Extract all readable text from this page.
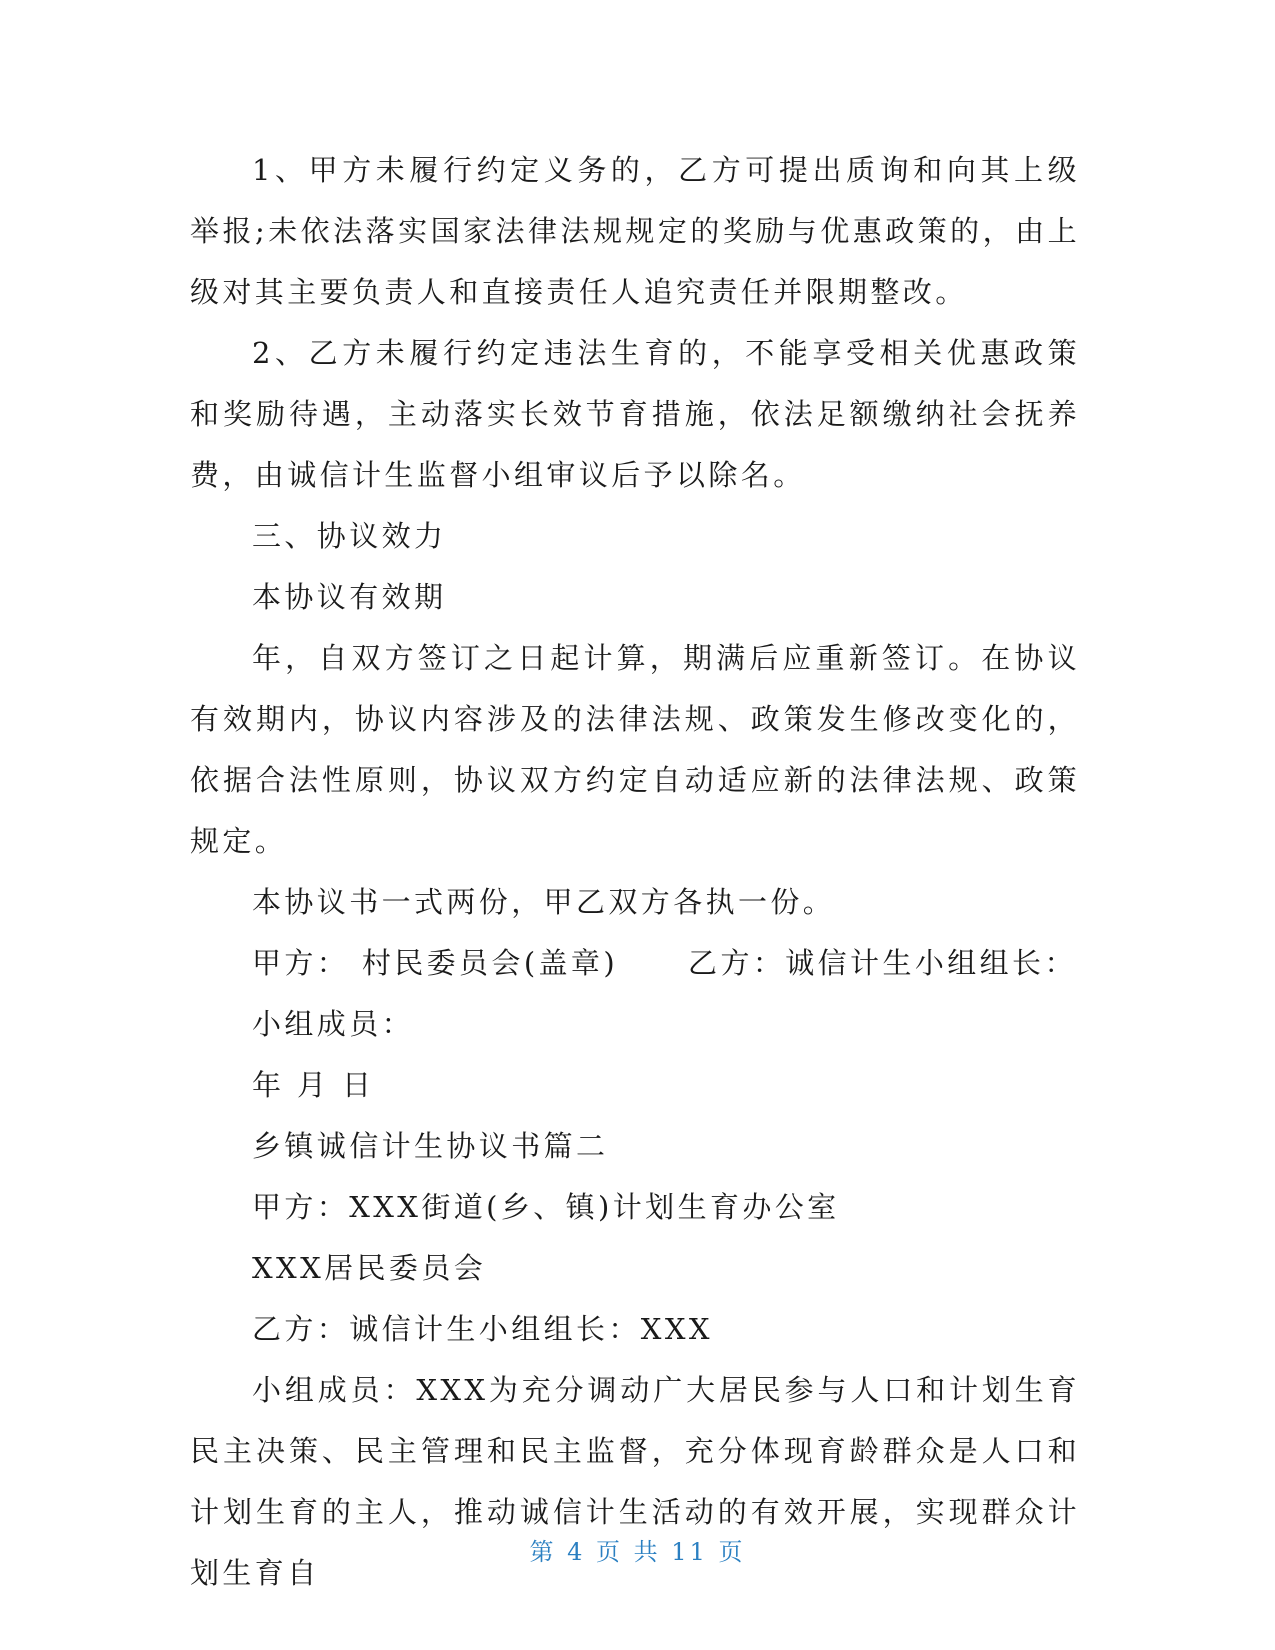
1、甲方未履行约定义务的，乙方可提出质询和向其上级举报;未依法落实国家法律法规规定的奖励与优惠政策的，由上级对其主要负责人和直接责任人追究责任并限期整改。

2、乙方未履行约定违法生育的，不能享受相关优惠政策和奖励待遇，主动落实长效节育措施，依法足额缴纳社会抚养费，由诚信计生监督小组审议后予以除名。

三、协议效力

本协议有效期

年，自双方签订之日起计算，期满后应重新签订。在协议有效期内，协议内容涉及的法律法规、政策发生修改变化的，依据合法性原则，协议双方约定自动适应新的法律法规、政策规定。

本协议书一式两份，甲乙双方各执一份。

甲方： 村民委员会(盖章) 乙方：诚信计生小组组长：

小组成员：

年 月 日

乡镇诚信计生协议书篇二

甲方：XXX街道(乡、镇)计划生育办公室

XXX居民委员会

乙方：诚信计生小组组长：XXX

小组成员：XXX为充分调动广大居民参与人口和计划生育民主决策、民主管理和民主监督，充分体现育龄群众是人口和计划生育的主人，推动诚信计生活动的有效开展，实现群众计划生育自

第 4 页 共 11 页
